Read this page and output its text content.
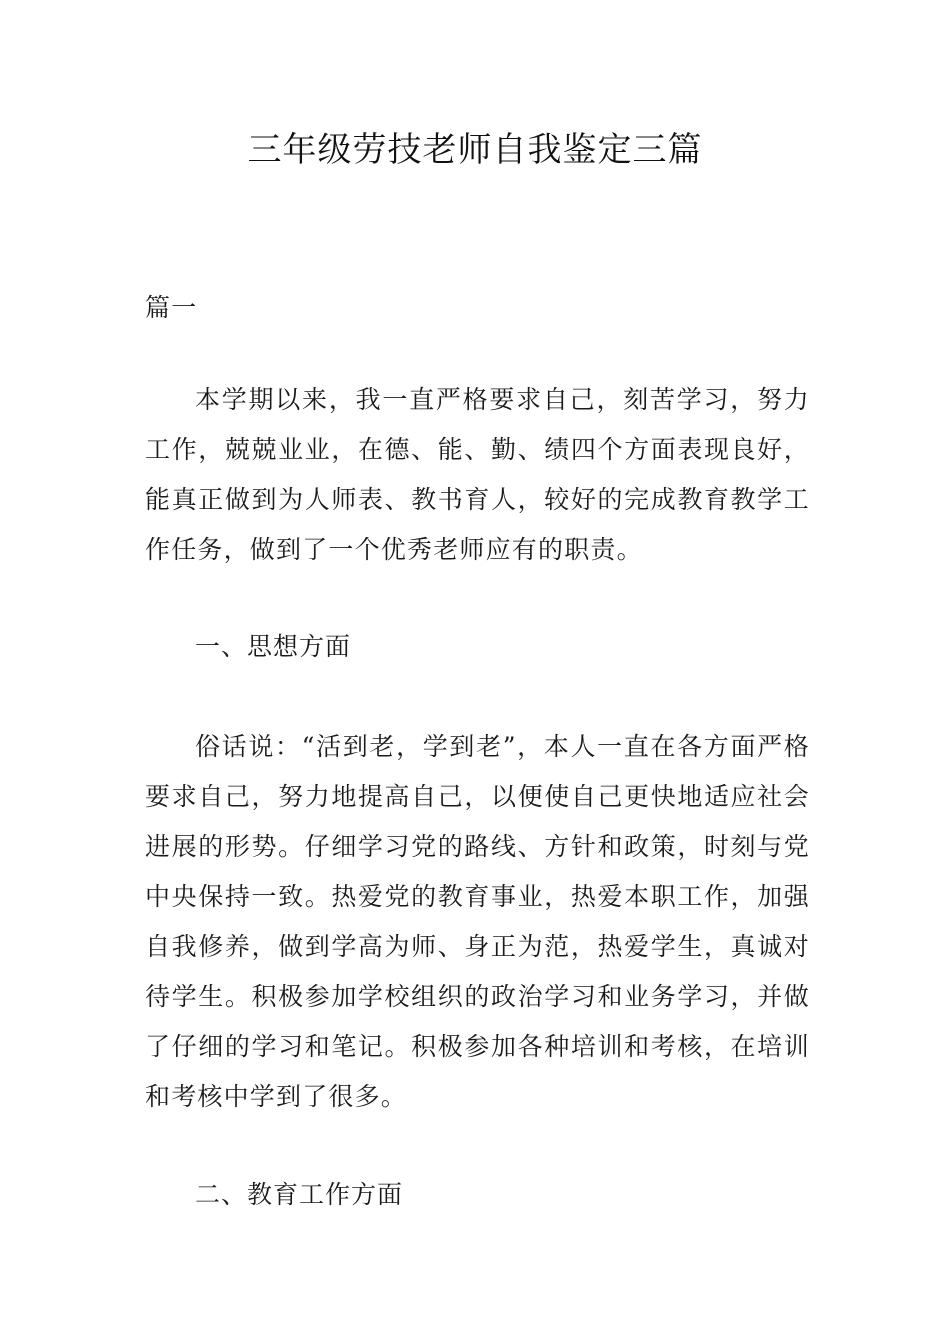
三年级劳技老师自我鉴定三篇

篇一

本学期以来，我一直严格要求自己，刻苦学习，努力工作，兢兢业业，在德、能、勤、绩四个方面表现良好，能真正做到为人师表、教书育人，较好的完成教育教学工作任务，做到了一个优秀老师应有的职责。

一、思想方面

俗话说：“活到老，学到老”，本人一直在各方面严格要求自己，努力地提高自己，以便使自己更快地适应社会进展的形势。仔细学习党的路线、方针和政策，时刻与党中央保持一致。热爱党的教育事业，热爱本职工作，加强自我修养，做到学高为师、身正为范，热爱学生，真诚对待学生。积极参加学校组织的政治学习和业务学习，并做了仔细的学习和笔记。积极参加各种培训和考核，在培训和考核中学到了很多。

二、教育工作方面
